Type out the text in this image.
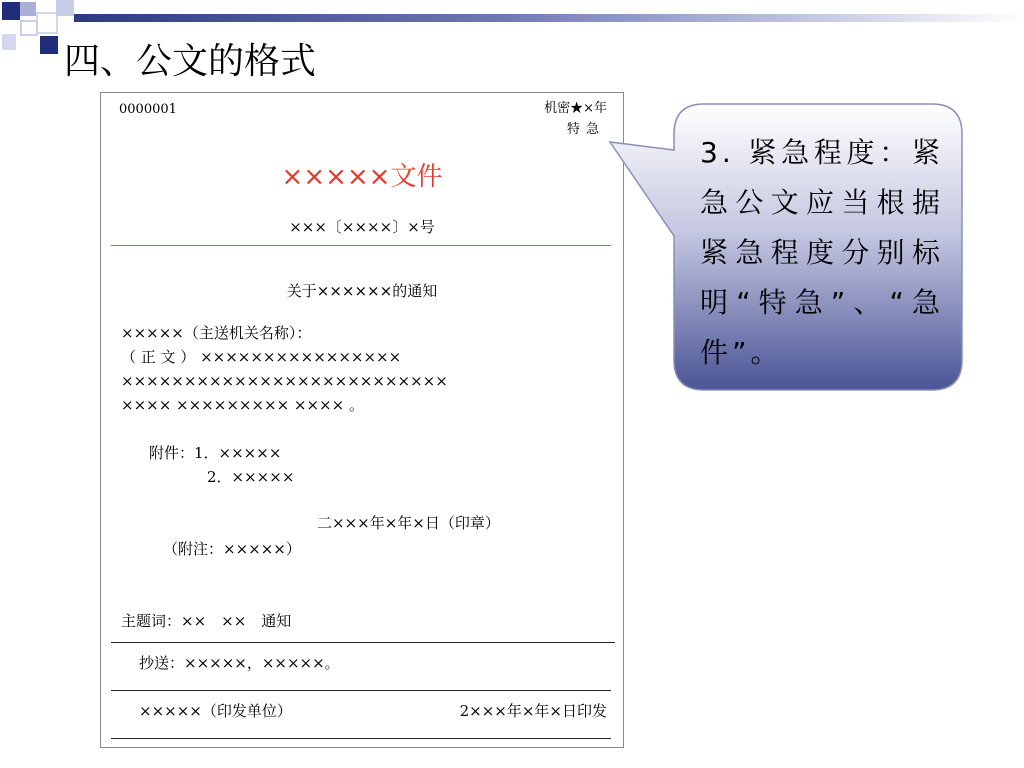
四、公文的格式
0000001	机密★×年
特急
×××××文件
×××〔××××〕×号
关于××××××的通知
×××××（主送机关名称）：
（ 正 文 ） ××××××××××××××××
××××××××××××××××××××××××××
×××× ××××××××× ×××× 。
附件：1．×××××
2．×××××
二×××年×年×日（印章）
（附注：×××××）
主题词：××　××　通知
抄送：×××××，×××××。
×××××（印发单位）	2×××年×年×日印发
3. 紧急程度：紧急公文应当根据紧急程度分别标明“特急”、“急件”。
